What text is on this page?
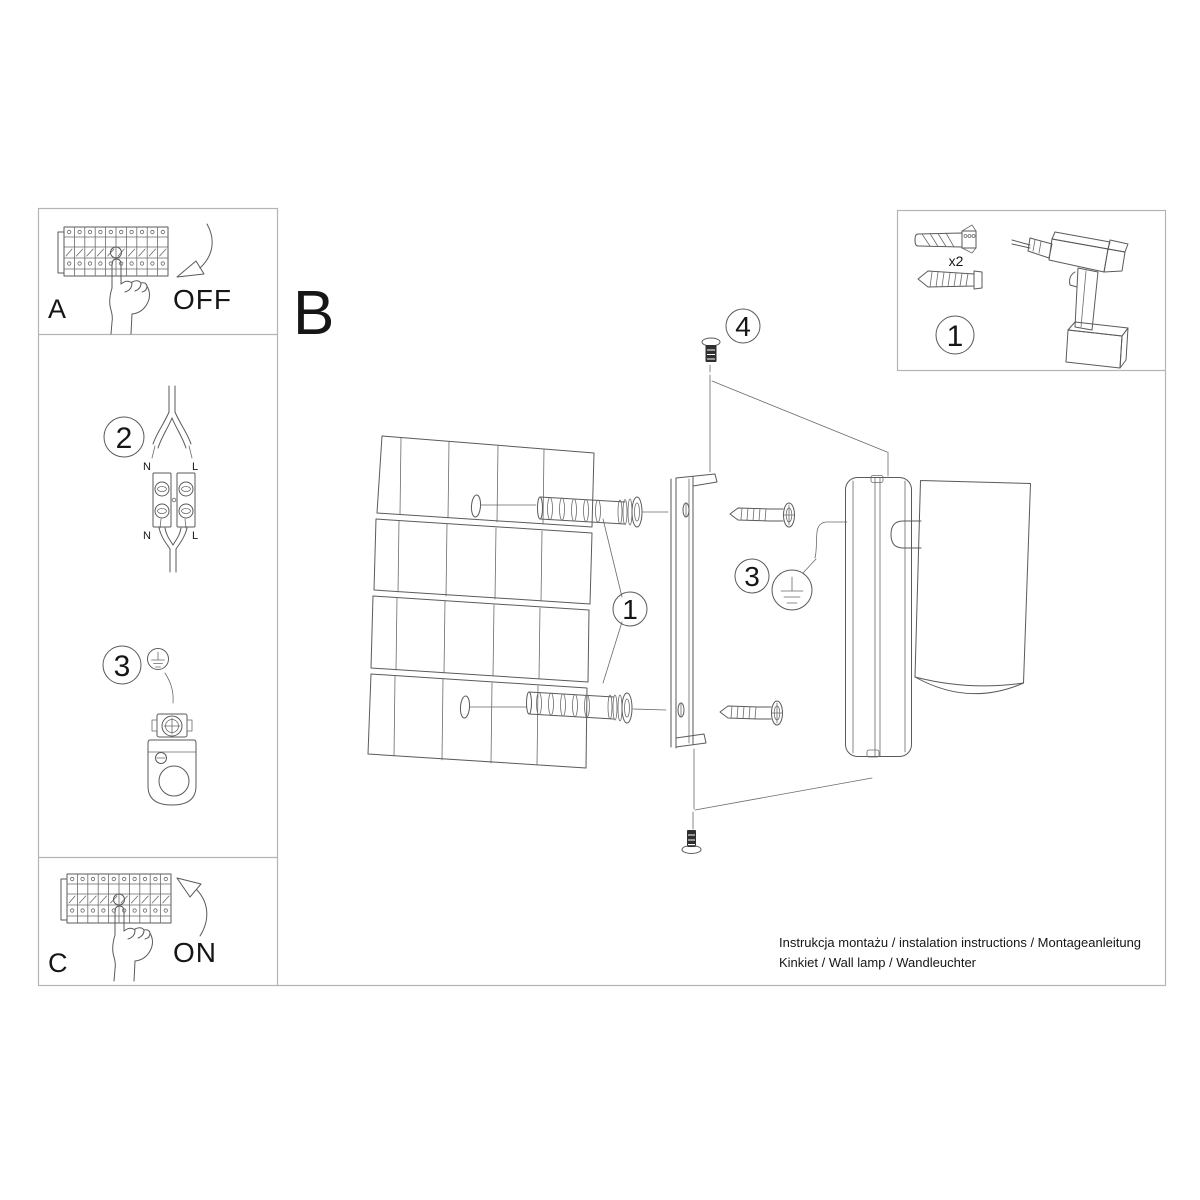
A	OFF
2
N	L
N	L
3
C	ON
x2
1
B
1
3
4
Instrukcja montażu / instalation instructions / Montageanleitung
Kinkiet / Wall lamp / Wandleuchter
